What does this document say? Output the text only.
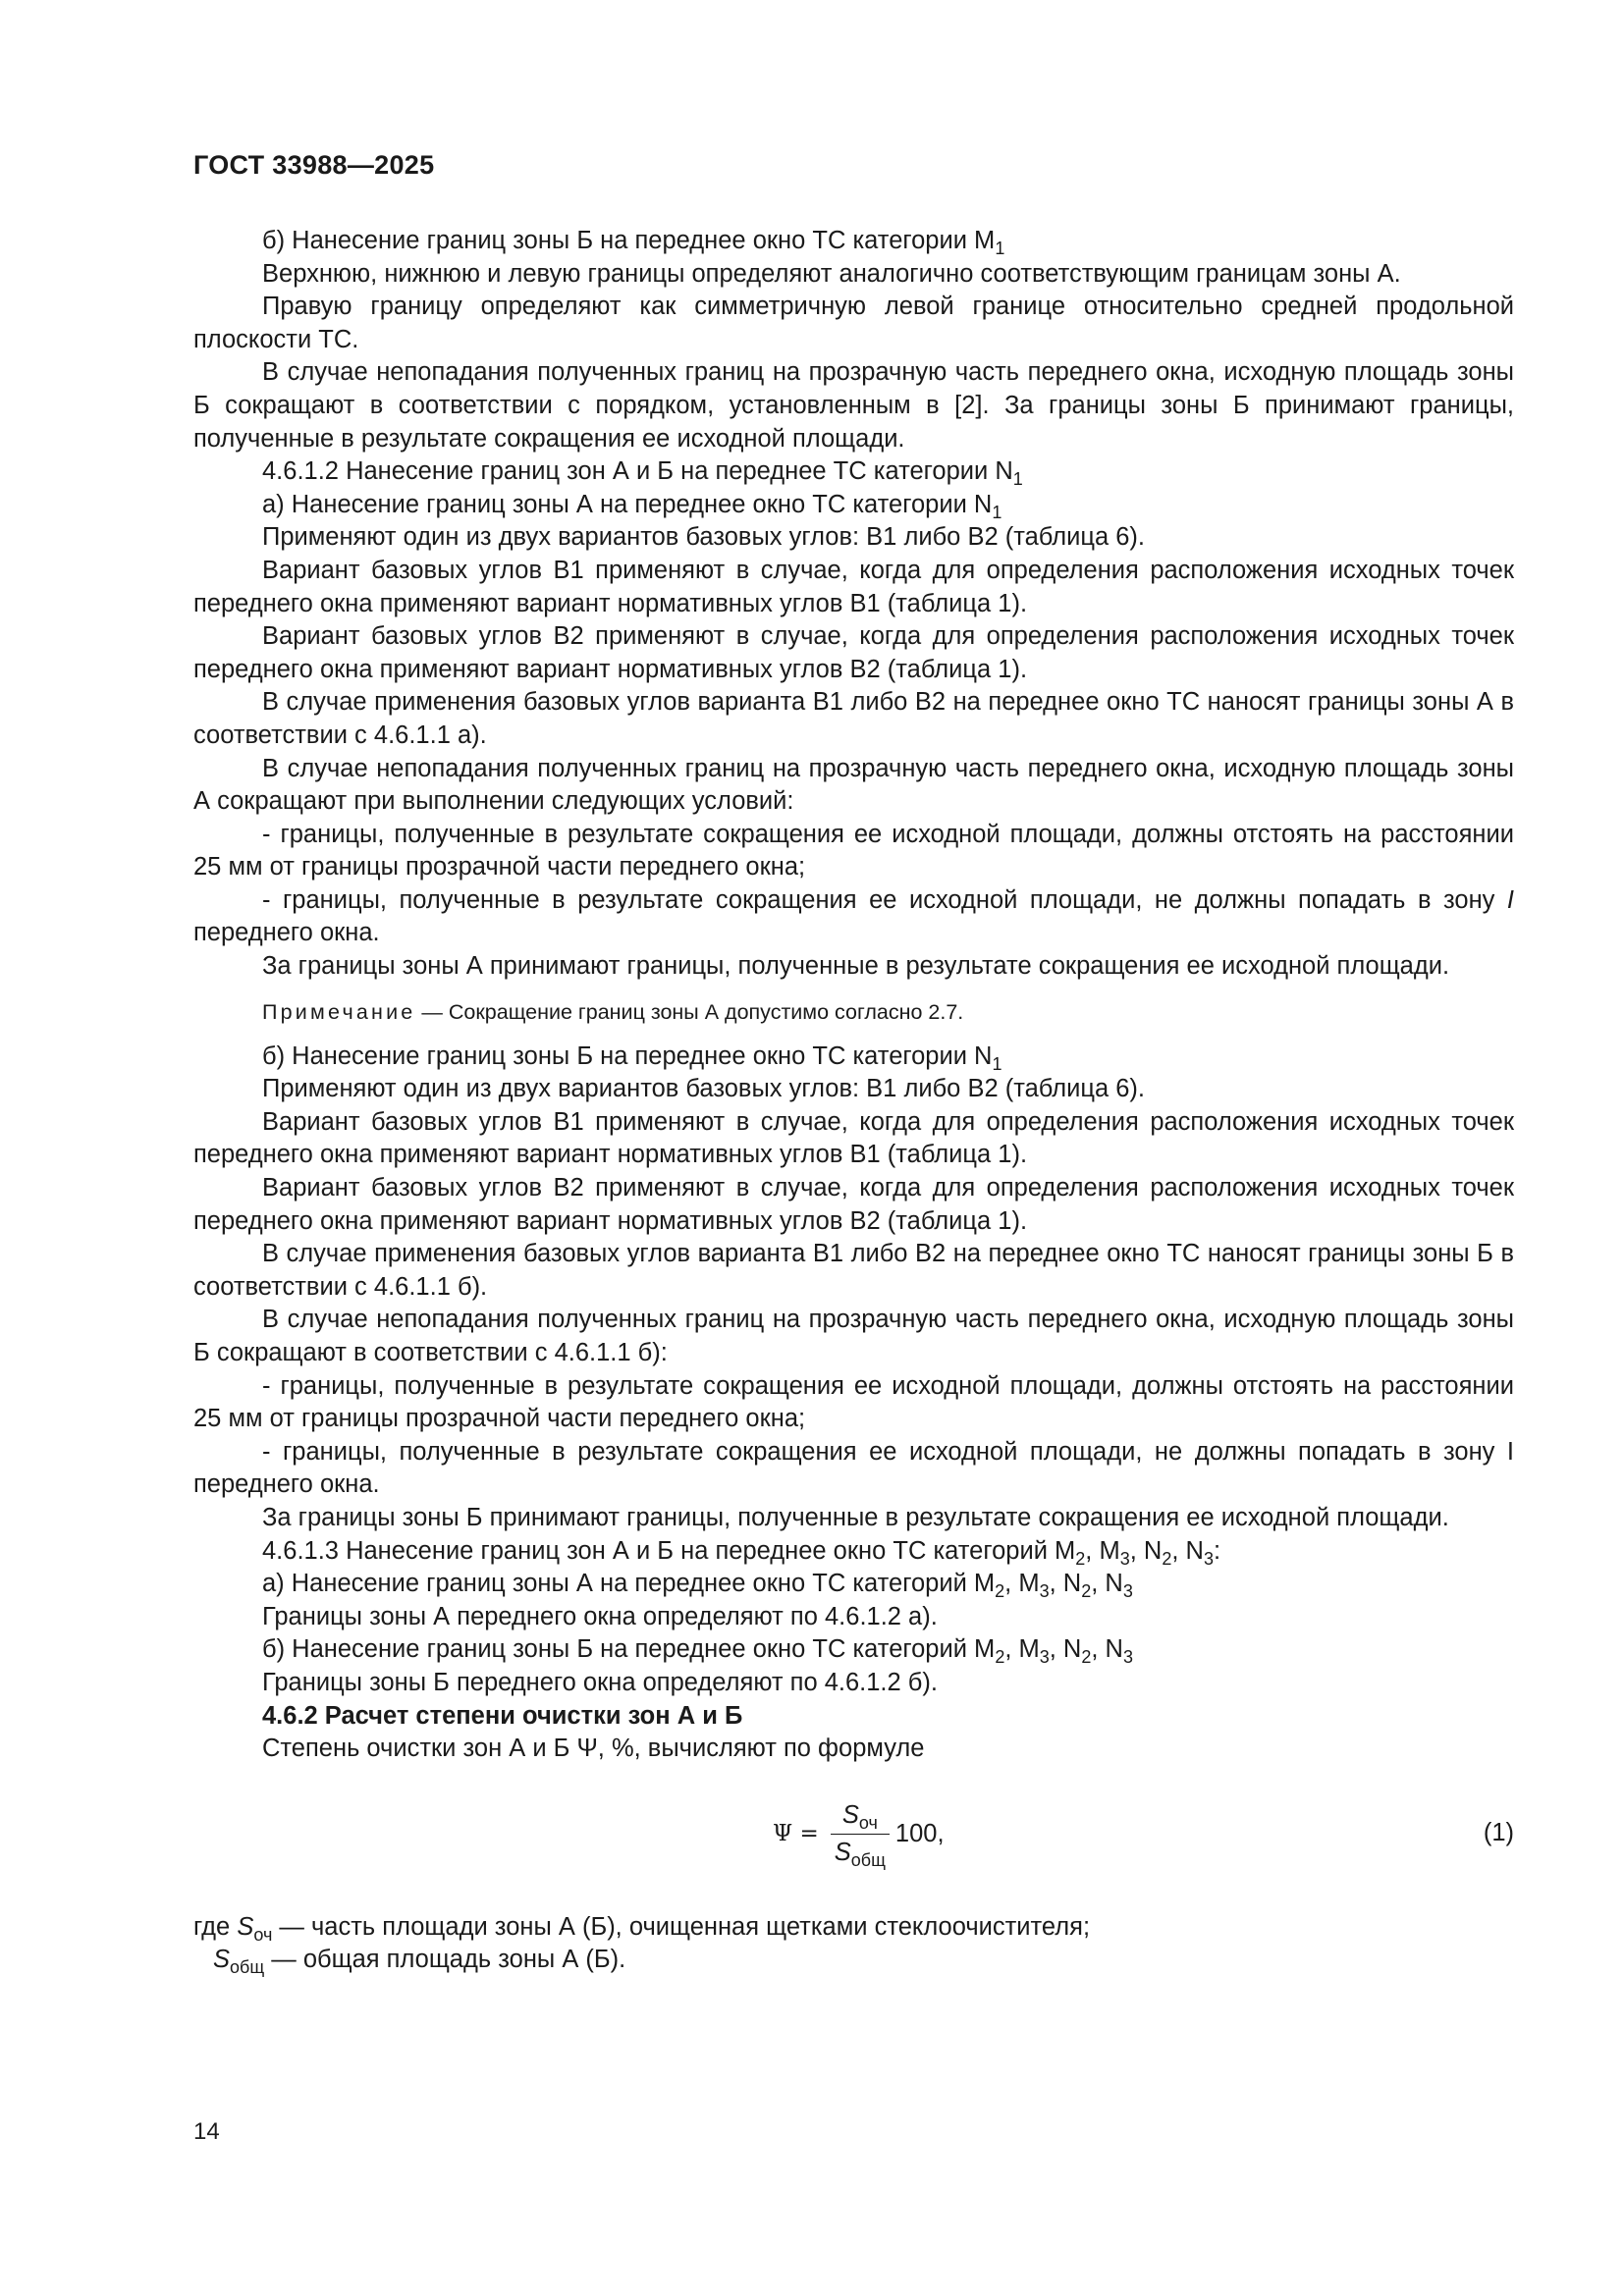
ГОСТ 33988—2025

б) Нанесение границ зоны Б на переднее окно ТС категории $M_1$

Верхнюю, нижнюю и левую границы определяют аналогично соответствующим границам зоны А.

Правую границу определяют как симметричную левой границе относительно средней продольной плоскости ТС.

В случае непопадания полученных границ на прозрачную часть переднего окна, исходную площадь зоны Б сокращают в соответствии с порядком, установленным в [2]. За границы зоны Б принимают границы, полученные в результате сокращения ее исходной площади.

4.6.1.2 Нанесение границ зон А и Б на переднее ТС категории $N_1$

а) Нанесение границ зоны А на переднее окно ТС категории $N_1$

Применяют один из двух вариантов базовых углов: В1 либо В2 (таблица 6).

Вариант базовых углов В1 применяют в случае, когда для определения расположения исходных точек переднего окна применяют вариант нормативных углов В1 (таблица 1).

Вариант базовых углов В2 применяют в случае, когда для определения расположения исходных точек переднего окна применяют вариант нормативных углов В2 (таблица 1).

В случае применения базовых углов варианта В1 либо В2 на переднее окно ТС наносят границы зоны А в соответствии с 4.6.1.1 а).

В случае непопадания полученных границ на прозрачную часть переднего окна, исходную площадь зоны А сокращают при выполнении следующих условий:

- границы, полученные в результате сокращения ее исходной площади, должны отстоять на расстоянии 25 мм от границы прозрачной части переднего окна;

- границы, полученные в результате сокращения ее исходной площади, не должны попадать в зону I переднего окна.

За границы зоны А принимают границы, полученные в результате сокращения ее исходной площади.

Примечание — Сокращение границ зоны А допустимо согласно 2.7.

б) Нанесение границ зоны Б на переднее окно ТС категории $N_1$

Применяют один из двух вариантов базовых углов: В1 либо В2 (таблица 6).

Вариант базовых углов В1 применяют в случае, когда для определения расположения исходных точек переднего окна применяют вариант нормативных углов В1 (таблица 1).

Вариант базовых углов В2 применяют в случае, когда для определения расположения исходных точек переднего окна применяют вариант нормативных углов В2 (таблица 1).

В случае применения базовых углов варианта В1 либо В2 на переднее окно ТС наносят границы зоны Б в соответствии с 4.6.1.1 б).

В случае непопадания полученных границ на прозрачную часть переднего окна, исходную площадь зоны Б сокращают в соответствии с 4.6.1.1 б):

- границы, полученные в результате сокращения ее исходной площади, должны отстоять на расстоянии 25 мм от границы прозрачной части переднего окна;

- границы, полученные в результате сокращения ее исходной площади, не должны попадать в зону I переднего окна.

За границы зоны Б принимают границы, полученные в результате сокращения ее исходной площади.

4.6.1.3 Нанесение границ зон А и Б на переднее окно ТС категорий $M_2$, $M_3$, $N_2$, $N_3$:

а) Нанесение границ зоны А на переднее окно ТС категорий $M_2$, $M_3$, $N_2$, $N_3$

Границы зоны А переднего окна определяют по 4.6.1.2 а).

б) Нанесение границ зоны Б на переднее окно ТС категорий $M_2$, $M_3$, $N_2$, $N_3$

Границы зоны Б переднего окна определяют по 4.6.1.2 б).

4.6.2 Расчет степени очистки зон А и Б

Степень очистки зон А и Б Ψ, %, вычисляют по формуле

$\Psi = \frac{S_{оч}}{S_{общ}} 100$,	(1)

где $S_{оч}$ — часть площади зоны А (Б), очищенная щетками стеклоочистителя;

$S_{общ}$ — общая площадь зоны А (Б).

14
